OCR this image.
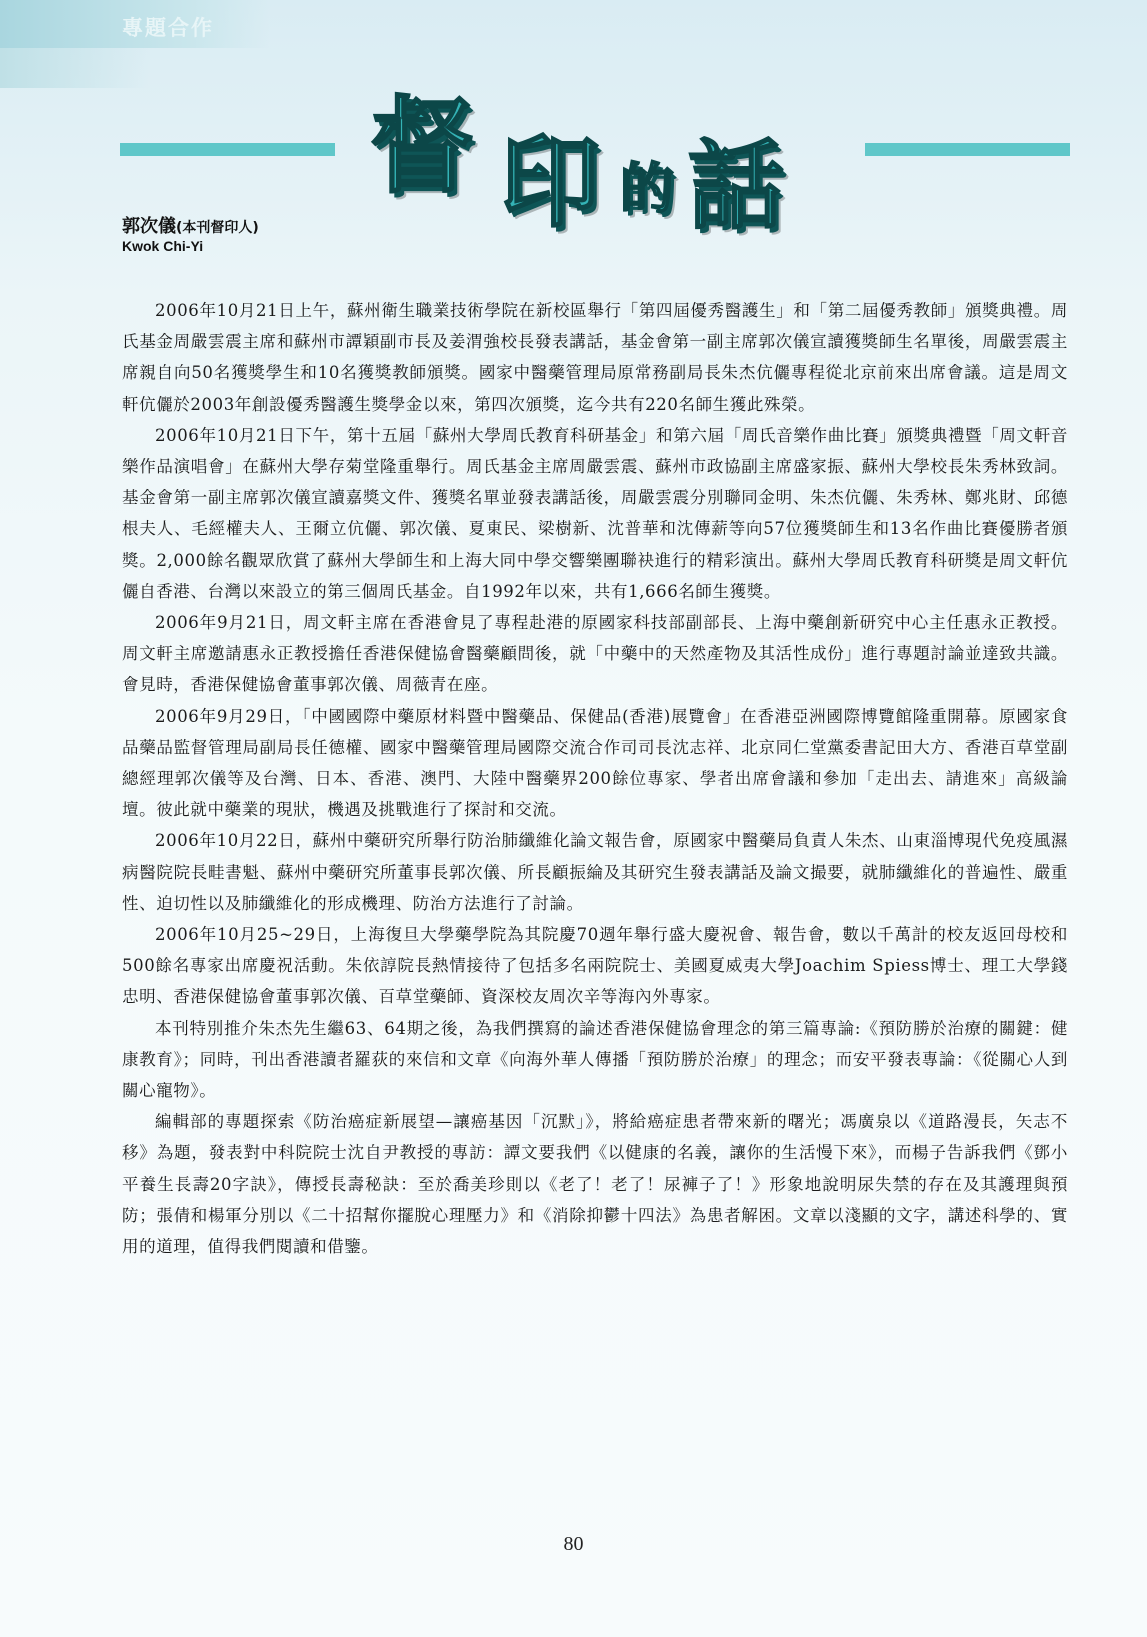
專題合作
督 印 的 話
郭次儀(本刊督印人)
Kwok Chi-Yi

2006年10月21日上午，蘇州衛生職業技術學院在新校區舉行「第四屆優秀醫護生」和「第二屆優秀教師」頒獎典禮。周氏基金周嚴雲震主席和蘇州市譚穎副市長及姜渭強校長發表講話，基金會第一副主席郭次儀宣讀獲獎師生名單後，周嚴雲震主席親自向50名獲獎學生和10名獲獎教師頒獎。國家中醫藥管理局原常務副局長朱杰伉儷專程從北京前來出席會議。這是周文軒伉儷於2003年創設優秀醫護生獎學金以來，第四次頒獎，迄今共有220名師生獲此殊榮。

2006年10月21日下午，第十五屆「蘇州大學周氏教育科研基金」和第六屆「周氏音樂作曲比賽」頒獎典禮暨「周文軒音樂作品演唱會」在蘇州大學存菊堂隆重舉行。周氏基金主席周嚴雲震、蘇州市政協副主席盛家振、蘇州大學校長朱秀林致詞。基金會第一副主席郭次儀宣讀嘉獎文件、獲獎名單並發表講話後，周嚴雲震分別聯同金明、朱杰伉儷、朱秀林、鄭兆財、邱德根夫人、毛經權夫人、王爾立伉儷、郭次儀、夏東民、梁樹新、沈普華和沈傳薪等向57位獲獎師生和13名作曲比賽優勝者頒獎。2,000餘名觀眾欣賞了蘇州大學師生和上海大同中學交響樂團聯袂進行的精彩演出。蘇州大學周氏教育科研獎是周文軒伉儷自香港、台灣以來設立的第三個周氏基金。自1992年以來，共有1,666名師生獲獎。

2006年9月21日，周文軒主席在香港會見了專程赴港的原國家科技部副部長、上海中藥創新研究中心主任惠永正教授。周文軒主席邀請惠永正教授擔任香港保健協會醫藥顧問後，就「中藥中的天然產物及其活性成份」進行專題討論並達致共識。會見時，香港保健協會董事郭次儀、周薇青在座。

2006年9月29日，「中國國際中藥原材料暨中醫藥品、保健品(香港)展覽會」在香港亞洲國際博覽館隆重開幕。原國家食品藥品監督管理局副局長任德權、國家中醫藥管理局國際交流合作司司長沈志祥、北京同仁堂黨委書記田大方、香港百草堂副總經理郭次儀等及台灣、日本、香港、澳門、大陸中醫藥界200餘位專家、學者出席會議和參加「走出去、請進來」高級論壇。彼此就中藥業的現狀，機遇及挑戰進行了探討和交流。

2006年10月22日，蘇州中藥研究所舉行防治肺纖維化論文報告會，原國家中醫藥局負責人朱杰、山東淄博現代免疫風濕病醫院院長畦書魁、蘇州中藥研究所董事長郭次儀、所長顧振綸及其研究生發表講話及論文撮要，就肺纖維化的普遍性、嚴重性、迫切性以及肺纖維化的形成機理、防治方法進行了討論。

2006年10月25~29日，上海復旦大學藥學院為其院慶70週年舉行盛大慶祝會、報告會，數以千萬計的校友返回母校和500餘名專家出席慶祝活動。朱依諄院長熱情接待了包括多名兩院院士、美國夏威夷大學Joachim Spiess博士、理工大學錢忠明、香港保健協會董事郭次儀、百草堂藥師、資深校友周次辛等海內外專家。

本刊特別推介朱杰先生繼63、64期之後，為我們撰寫的論述香港保健協會理念的第三篇專論:《預防勝於治療的關鍵：健康教育》；同時，刊出香港讀者羅荻的來信和文章《向海外華人傳播「預防勝於治療」的理念；而安平發表專論：《從關心人到關心寵物》。

編輯部的專題探索《防治癌症新展望—讓癌基因「沉默」》，將給癌症患者帶來新的曙光；馮廣泉以《道路漫長，矢志不移》為題，發表對中科院院士沈自尹教授的專訪：譚文要我們《以健康的名義，讓你的生活慢下來》，而楊子告訴我們《鄧小平養生長壽20字訣》，傳授長壽秘訣：至於喬美珍則以《老了！老了！尿褲子了！》形象地說明尿失禁的存在及其護理與預防；張倩和楊軍分別以《二十招幫你擺脫心理壓力》和《消除抑鬱十四法》為患者解困。文章以淺顯的文字，講述科學的、實用的道理，值得我們閱讀和借鑒。

80
